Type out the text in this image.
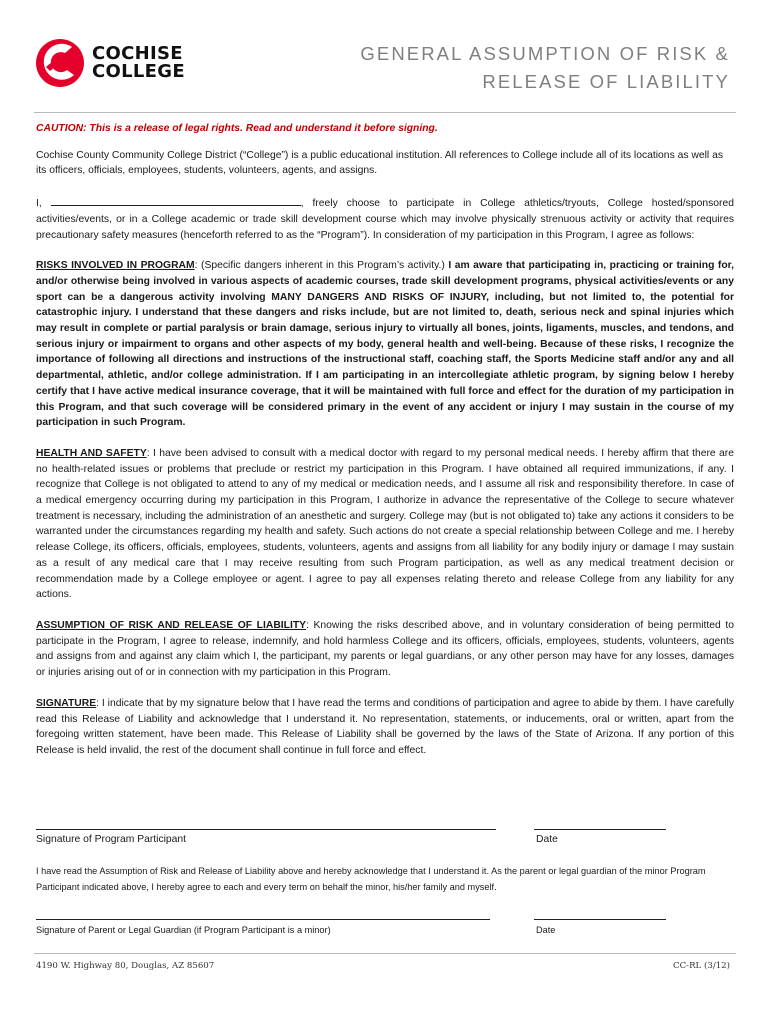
COCHISE
COLLEGE
GENERAL ASSUMPTION OF RISK &
RELEASE OF LIABILITY

CAUTION: This is a release of legal rights. Read and understand it before signing.

Cochise County Community College District (“College”) is a public educational institution. All references to College include all of its locations as well as its officers, officials, employees, students, volunteers, agents, and assigns.

I,	, freely choose to participate in College athletics/tryouts, College hosted/sponsored activities/events, or in a College academic or trade skill development course which may involve physically strenuous activity or activity that requires precautionary safety measures (henceforth referred to as the “Program”). In consideration of my participation in this Program, I agree as follows:

RISKS INVOLVED IN PROGRAM: (Specific dangers inherent in this Program’s activity.) I am aware that participating in, practicing or training for, and/or otherwise being involved in various aspects of academic courses, trade skill development programs, physical activities/events or any sport can be a dangerous activity involving MANY DANGERS AND RISKS OF INJURY, including, but not limited to, the potential for catastrophic injury. I understand that these dangers and risks include, but are not limited to, death, serious neck and spinal injuries which may result in complete or partial paralysis or brain damage, serious injury to virtually all bones, joints, ligaments, muscles, and tendons, and serious injury or impairment to organs and other aspects of my body, general health and well-being. Because of these risks, I recognize the importance of following all directions and instructions of the instructional staff, coaching staff, the Sports Medicine staff and/or any and all departmental, athletic, and/or college administration. If I am participating in an intercollegiate athletic program, by signing below I hereby certify that I have active medical insurance coverage, that it will be maintained with full force and effect for the duration of my participation in this Program, and that such coverage will be considered primary in the event of any accident or injury I may sustain in the course of my participation in such Program.

HEALTH AND SAFETY: I have been advised to consult with a medical doctor with regard to my personal medical needs. I hereby affirm that there are no health-related issues or problems that preclude or restrict my participation in this Program. I have obtained all required immunizations, if any. I recognize that College is not obligated to attend to any of my medical or medication needs, and I assume all risk and responsibility therefore. In case of a medical emergency occurring during my participation in this Program, I authorize in advance the representative of the College to secure whatever treatment is necessary, including the administration of an anesthetic and surgery. College may (but is not obligated to) take any actions it considers to be warranted under the circumstances regarding my health and safety. Such actions do not create a special relationship between College and me. I hereby release College, its officers, officials, employees, students, volunteers, agents and assigns from all liability for any bodily injury or damage I may sustain as a result of any medical care that I may receive resulting from such Program participation, as well as any medical treatment decision or recommendation made by a College employee or agent. I agree to pay all expenses relating thereto and release College from any liability for any actions.

ASSUMPTION OF RISK AND RELEASE OF LIABILITY: Knowing the risks described above, and in voluntary consideration of being permitted to participate in the Program, I agree to release, indemnify, and hold harmless College and its officers, officials, employees, students, volunteers, agents and assigns from and against any claim which I, the participant, my parents or legal guardians, or any other person may have for any losses, damages or injuries arising out of or in connection with my participation in this Program.

SIGNATURE: I indicate that by my signature below that I have read the terms and conditions of participation and agree to abide by them. I have carefully read this Release of Liability and acknowledge that I understand it. No representation, statements, or inducements, oral or written, apart from the foregoing written statement, have been made. This Release of Liability shall be governed by the laws of the State of Arizona. If any portion of this Release is held invalid, the rest of the document shall continue in full force and effect.

Signature of Program Participant	Date
I have read the Assumption of Risk and Release of Liability above and hereby acknowledge that I understand it. As the parent or legal guardian of the minor Program Participant indicated above, I hereby agree to each and every term on behalf the minor, his/her family and myself.
Signature of Parent or Legal Guardian (if Program Participant is a minor)	Date
4190 W. Highway 80, Douglas, AZ 85607	CC-RL (3/12)
